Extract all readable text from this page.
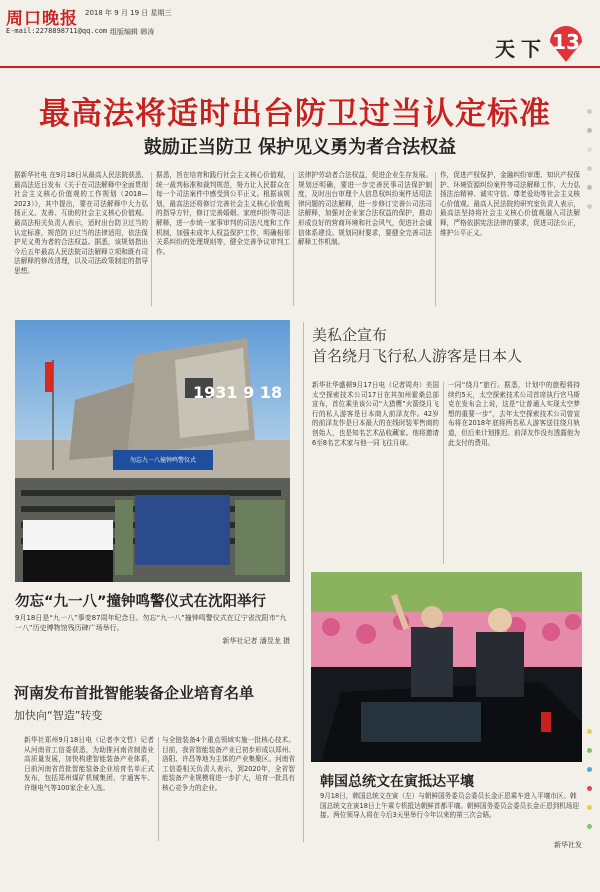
周口晚报 2018 年 9 月 19 日 星期三
E-mail:2278898711@qq.com 组版编辑 韩涛
天下 13
最高法将适时出台防卫过当认定标准
鼓励正当防卫 保护见义勇为者合法权益
据新华社电 在9月18日从最高人民法院获悉，最高法近日发布《关于在司法解释中全面贯彻社会主义核心价值观的工作规划（2018—2023）》，其中提出，要在司法解释中大力弘扬正义、友善、互助的社会主义核心价值观。最高法相关负责人表示，适时出台防卫过当的认定标准，规范防卫过当的法律适用，依法保护见义勇为者的合法权益。据悉，该规划指出今后五年最高人民法院司法解释立项和既有司法解释的修改清理，以及司法政策制定的指导思想。
据悉，旨在培育和践行社会主义核心价值观，统一裁判标准和裁判规范，努力让人民群众在每一个司法案件中感受到公平正义。根据该规划，最高法还将修订完善社会主义核心价值观的指导方针，修订完善婚姻、家庭纠纷等司法解释，进一步统一家事审判的司法尺度和工作机制，加强未成年人权益保护工作，明确相邻关系纠纷的处理规则等，健全完善争议审判工作。
法律护劳动者合法权益，促进企业生存发展。规划还明确，要进一步完善民事司法保护制度，及时出台审理个人信息权纠纷案件适用法律问题的司法解释，进一步修订完善公司法司法解释，加强对企业家合法权益的保护，推动形成良好的营商环境和社会风气，促进社会诚信体系建设。规划同时要求，要健全完善司法解释工作机制。
作，促进产权保护，金融纠纷审理、知识产权保护、环境资源纠纷案件等司法解释工作，大力弘扬法治精神、诚实守信、尊老爱幼等社会主义核心价值观。最高人民法院的研究室负责人表示，最高法坚持将社会主义核心价值观融入司法解释，严格依据宪法法律的要求，促进司法公正，维护公平正义。
1931 9 18
勿忘九一八撞钟鸣警仪式
勿忘“九一八”撞钟鸣警仪式在沈阳举行
9月18日是“九一八”事变87周年纪念日。勿忘“九一八”撞钟鸣警仪式在辽宁省沈阳市“九一八”历史博物馆残历碑广场举行。
新华社记者 潘昱龙 摄
美私企宣布
首名绕月飞行私人游客是日本人
新华社华盛顿9月17日电（记者周舟）美国太空探索技术公司17日在其加州霍桑总部宣布，首位乘坐该公司“大猎鹰”火箭绕月飞行的私人游客是日本商人前泽友作。42岁的前泽友作是日本最大的在线时装零售商的创始人，也是知名艺术品收藏家。他将邀请6至8名艺术家与他一同飞往月球。
一同“绕月”旅行。据悉，计划中的旅程将持续约5天，太空探索技术公司首席执行官马斯克在发布会上说，这是“让普通人实现太空梦想的重要一步”，去年太空探索技术公司曾宣布将在2018年底将两名私人游客送往绕月轨道，但后来计划推迟。前泽友作没有透露他为此支付的费用。
韩国总统文在寅抵达平壤
9月18日，韩国总统文在寅（左）与朝鲜国务委员会委员长金正恩乘车进入平壤市区。韩国总统文在寅18日上午乘专机抵达朝鲜首都平壤。朝鲜国务委员会委员长金正恩到机场迎接。两位领导人将在今后3天里举行今年以来的第三次会晤。
新华社发
河南发布首批智能装备企业培育名单
加快向“智造”转变
新华社郑州9月18日电（记者李文哲）记者从河南省工信委获悉，为助推河南省制造业高质量发展，加快构建智能装备产业体系，日前河南省首批智能装备企业培育名单正式发布，包括郑州煤矿机械集团、宇通客车、许继电气等100家企业入选。
与全链装备4个重点领域实施一批核心技术。目前，我省智能装备产业已初步形成以郑州、洛阳、许昌等地为主体的产业集聚区。河南省工信委相关负责人表示，到2020年，全省智能装备产业规模将进一步扩大，培育一批具有核心竞争力的企业。
